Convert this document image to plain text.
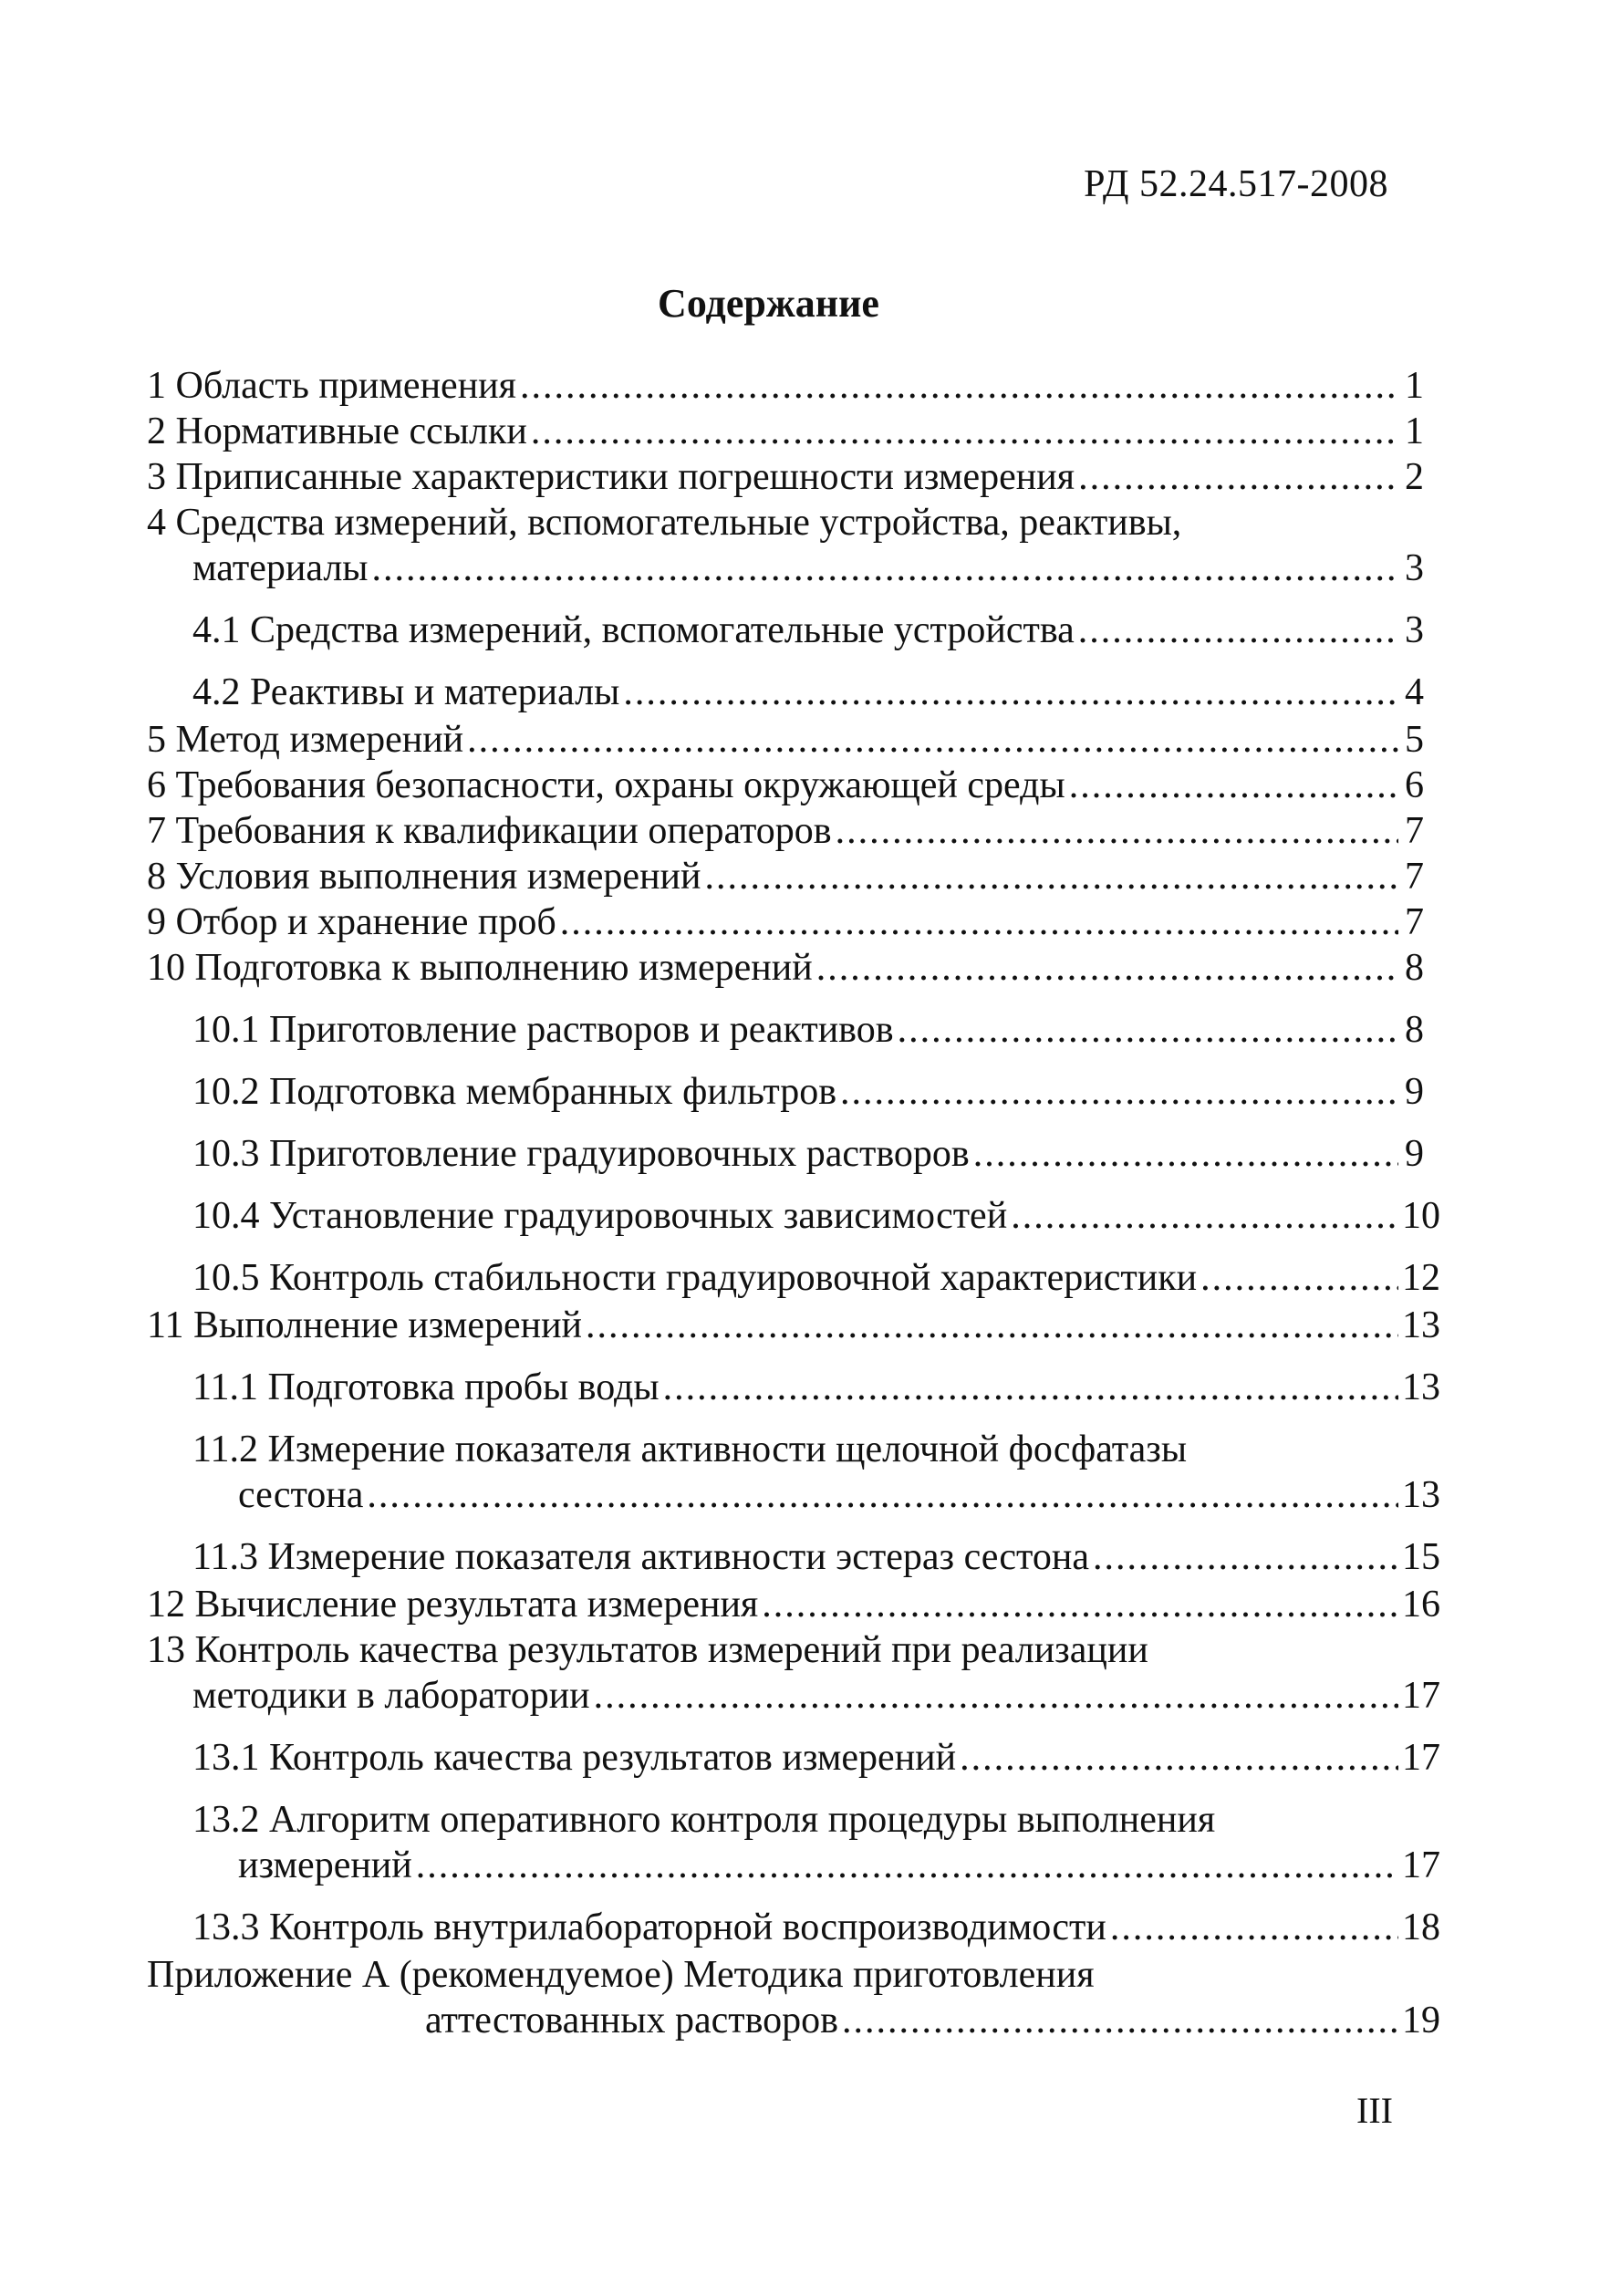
РД 52.24.517-2008
Содержание
1 Область применения .....	1
2 Нормативные ссылки .....	1
3 Приписанные характеристики погрешности измерения .....	2
4 Средства измерений, вспомогательные устройства, реактивы,
материалы .....	3
4.1 Средства измерений, вспомогательные устройства .....	3
4.2 Реактивы и материалы .....	4
5 Метод измерений .....	5
6 Требования безопасности, охраны окружающей среды .....	6
7 Требования к квалификации операторов .....	7
8 Условия выполнения измерений .....	7
9 Отбор и хранение проб .....	7
10 Подготовка к выполнению измерений .....	8
10.1 Приготовление растворов и реактивов .....	8
10.2 Подготовка мембранных фильтров .....	9
10.3 Приготовление градуировочных растворов .....	9
10.4 Установление градуировочных зависимостей .....	10
10.5 Контроль стабильности градуировочной характеристики .....	12
11 Выполнение измерений .....	13
11.1 Подготовка пробы воды .....	13
11.2 Измерение показателя активности щелочной фосфатазы
сестона .....	13
11.3 Измерение показателя активности эстераз сестона .....	15
12 Вычисление результата измерения .....	16
13 Контроль качества результатов измерений при реализации
методики в лаборатории .....	17
13.1 Контроль качества результатов измерений .....	17
13.2 Алгоритм оперативного контроля процедуры выполнения
измерений .....	17
13.3 Контроль внутрилабораторной воспроизводимости .....	18
Приложение А (рекомендуемое) Методика приготовления
аттестованных растворов .....	19
III
